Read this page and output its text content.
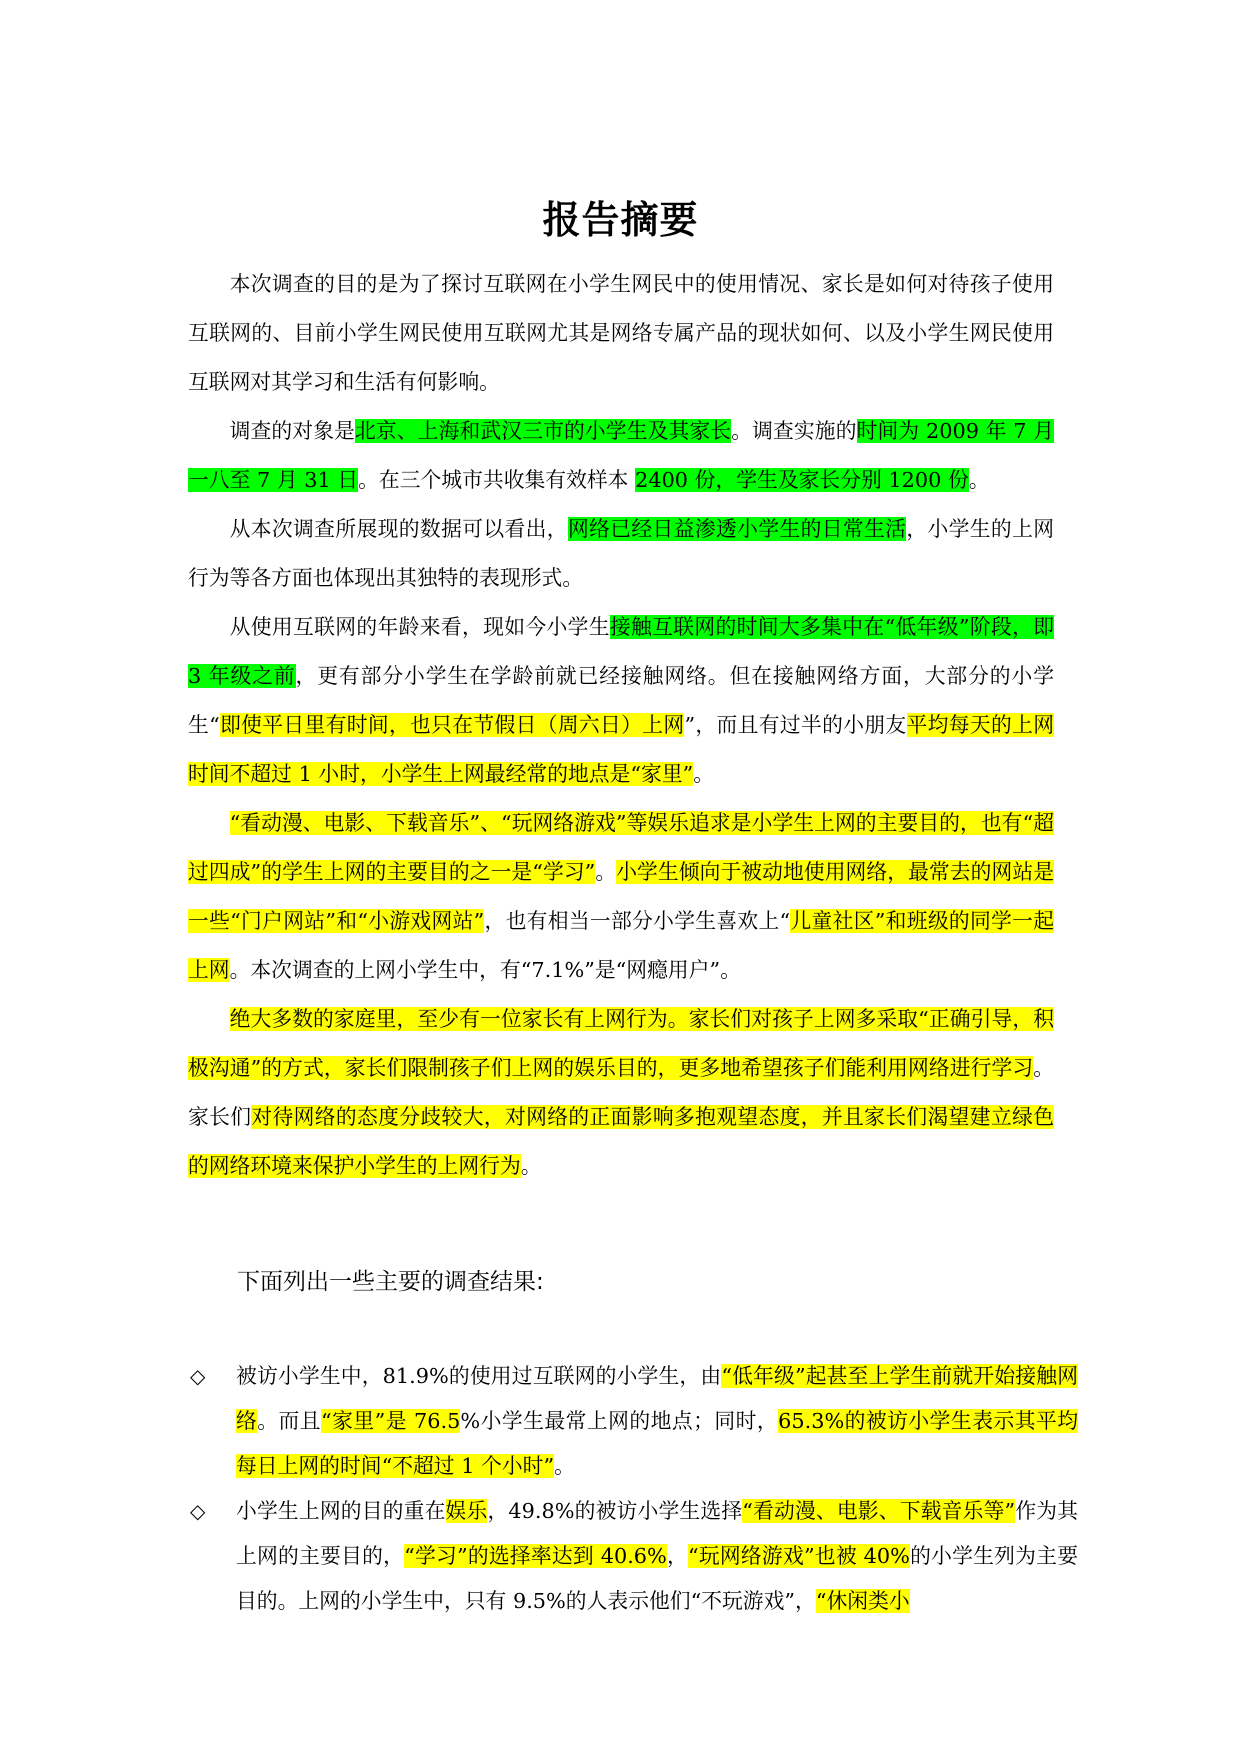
报告摘要

本次调查的目的是为了探讨互联网在小学生网民中的使用情况、家长是如何对待孩子使用互联网的、目前小学生网民使用互联网尤其是网络专属产品的现状如何、以及小学生网民使用互联网对其学习和生活有何影响。

调查的对象是北京、上海和武汉三市的小学生及其家长。调查实施的时间为 2009 年 7 月一八至 7 月 31 日。在三个城市共收集有效样本 2400 份，学生及家长分别 1200 份。

从本次调查所展现的数据可以看出，网络已经日益渗透小学生的日常生活，小学生的上网行为等各方面也体现出其独特的表现形式。

从使用互联网的年龄来看，现如今小学生接触互联网的时间大多集中在“低年级”阶段，即 3 年级之前，更有部分小学生在学龄前就已经接触网络。但在接触网络方面，大部分的小学生“即使平日里有时间，也只在节假日（周六日）上网”，而且有过半的小朋友平均每天的上网时间不超过 1 小时，小学生上网最经常的地点是“家里”。

“看动漫、电影、下载音乐”、“玩网络游戏”等娱乐追求是小学生上网的主要目的，也有“超过四成”的学生上网的主要目的之一是“学习”。小学生倾向于被动地使用网络，最常去的网站是一些“门户网站”和“小游戏网站”，也有相当一部分小学生喜欢上“儿童社区”和班级的同学一起上网。本次调查的上网小学生中，有“7.1%”是“网瘾用户”。

绝大多数的家庭里，至少有一位家长有上网行为。家长们对孩子上网多采取“正确引导，积极沟通”的方式，家长们限制孩子们上网的娱乐目的，更多地希望孩子们能利用网络进行学习。家长们对待网络的态度分歧较大，对网络的正面影响多抱观望态度，并且家长们渴望建立绿色的网络环境来保护小学生的上网行为。

下面列出一些主要的调查结果:

◇ 被访小学生中，81.9%的使用过互联网的小学生，由“低年级”起甚至上学生前就开始接触网络。而且“家里”是 76.5%小学生最常上网的地点；同时，65.3%的被访小学生表示其平均每日上网的时间“不超过 1 个小时”。
◇ 小学生上网的目的重在娱乐，49.8%的被访小学生选择“看动漫、电影、下载音乐等”作为其上网的主要目的，“学习”的选择率达到 40.6%，“玩网络游戏”也被 40%的小学生列为主要目的。上网的小学生中，只有 9.5%的人表示他们“不玩游戏”，“休闲类小
